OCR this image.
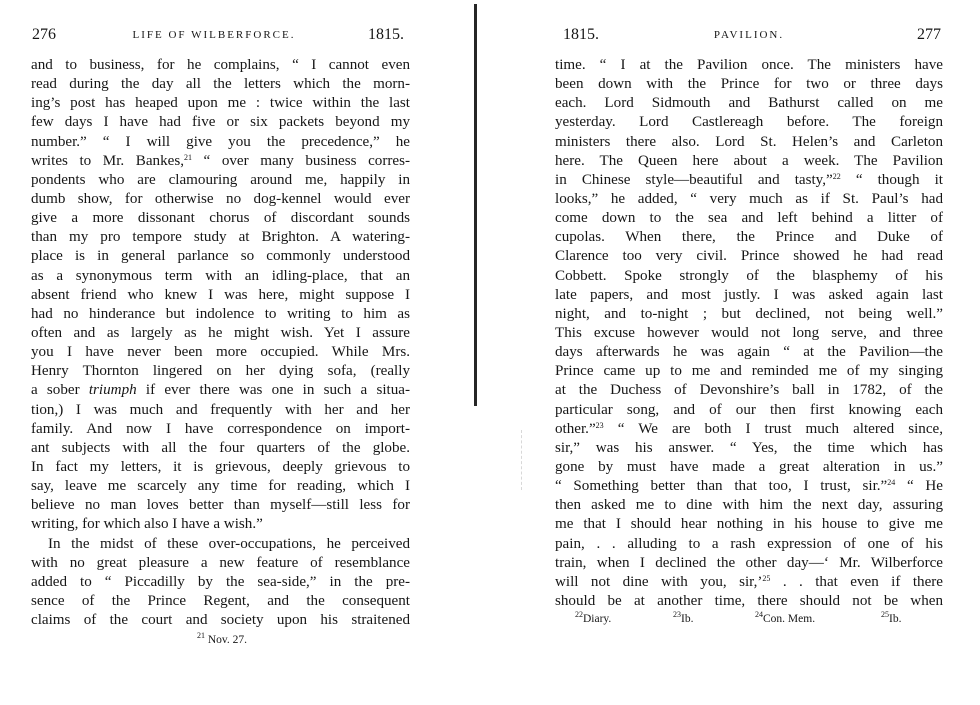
276	LIFE OF WILBERFORCE.	1815.
and to business, for he complains, “ I cannot even
read during the day all the letters which the morn-
ing’s post has heaped upon me : twice within the last
few days I have had five or six packets beyond my
number.” “ I will give you the precedence,” he
writes to Mr. Bankes,$^{21}$ “ over many business corres-
pondents who are clamouring around me, happily in
dumb show, for otherwise no dog-kennel would ever
give a more dissonant chorus of discordant sounds
than my pro tempore study at Brighton. A watering-
place is in general parlance so commonly understood
as a synonymous term with an idling-place, that an
absent friend who knew I was here, might suppose I
had no hinderance but indolence to writing to him as
often and as largely as he might wish. Yet I assure
you I have never been more occupied. While Mrs.
Henry Thornton lingered on her dying sofa, (really
a sober triumph if ever there was one in such a situa-
tion,) I was much and frequently with her and her
family. And now I have correspondence on import-
ant subjects with all the four quarters of the globe.
In fact my letters, it is grievous, deeply grievous to
say, leave me scarcely any time for reading, which I
believe no man loves better than myself—still less for
writing, for which also I have a wish.”
In the midst of these over-occupations, he perceived
with no great pleasure a new feature of resemblance
added to “ Piccadilly by the sea-side,” in the pre-
sence of the Prince Regent, and the consequent
claims of the court and society upon his straitened
$^{21}$ Nov. 27.
1815.	PAVILION.	277
time. “ I at the Pavilion once. The ministers have
been down with the Prince for two or three days
each. Lord Sidmouth and Bathurst called on me
yesterday. Lord Castlereagh before. The foreign
ministers there also. Lord St. Helen’s and Carleton
here. The Queen here about a week. The Pavilion
in Chinese style—beautiful and tasty,”$^{22}$ “ though it
looks,” he added, “ very much as if St. Paul’s had
come down to the sea and left behind a litter of
cupolas. When there, the Prince and Duke of
Clarence too very civil. Prince showed he had read
Cobbett. Spoke strongly of the blasphemy of his
late papers, and most justly. I was asked again last
night, and to-night ; but declined, not being well.”
This excuse however would not long serve, and three
days afterwards he was again “ at the Pavilion—the
Prince came up to me and reminded me of my singing
at the Duchess of Devonshire’s ball in 1782, of the
particular song, and of our then first knowing each
other.”$^{23}$ “ We are both I trust much altered since,
sir,” was his answer. “ Yes, the time which has
gone by must have made a great alteration in us.”
“ Something better than that too, I trust, sir.”$^{24}$ “ He
then asked me to dine with him the next day, assuring
me that I should hear nothing in his house to give me
pain, . . alluding to a rash expression of one of his
train, when I declined the other day—‘ Mr. Wilberforce
will not dine with you, sir,’$^{25}$ . . that even if there
should be at another time, there should not be when
$^{22}$ Diary.	$^{23}$ Ib.	$^{24}$ Con. Mem.	$^{25}$ Ib.
